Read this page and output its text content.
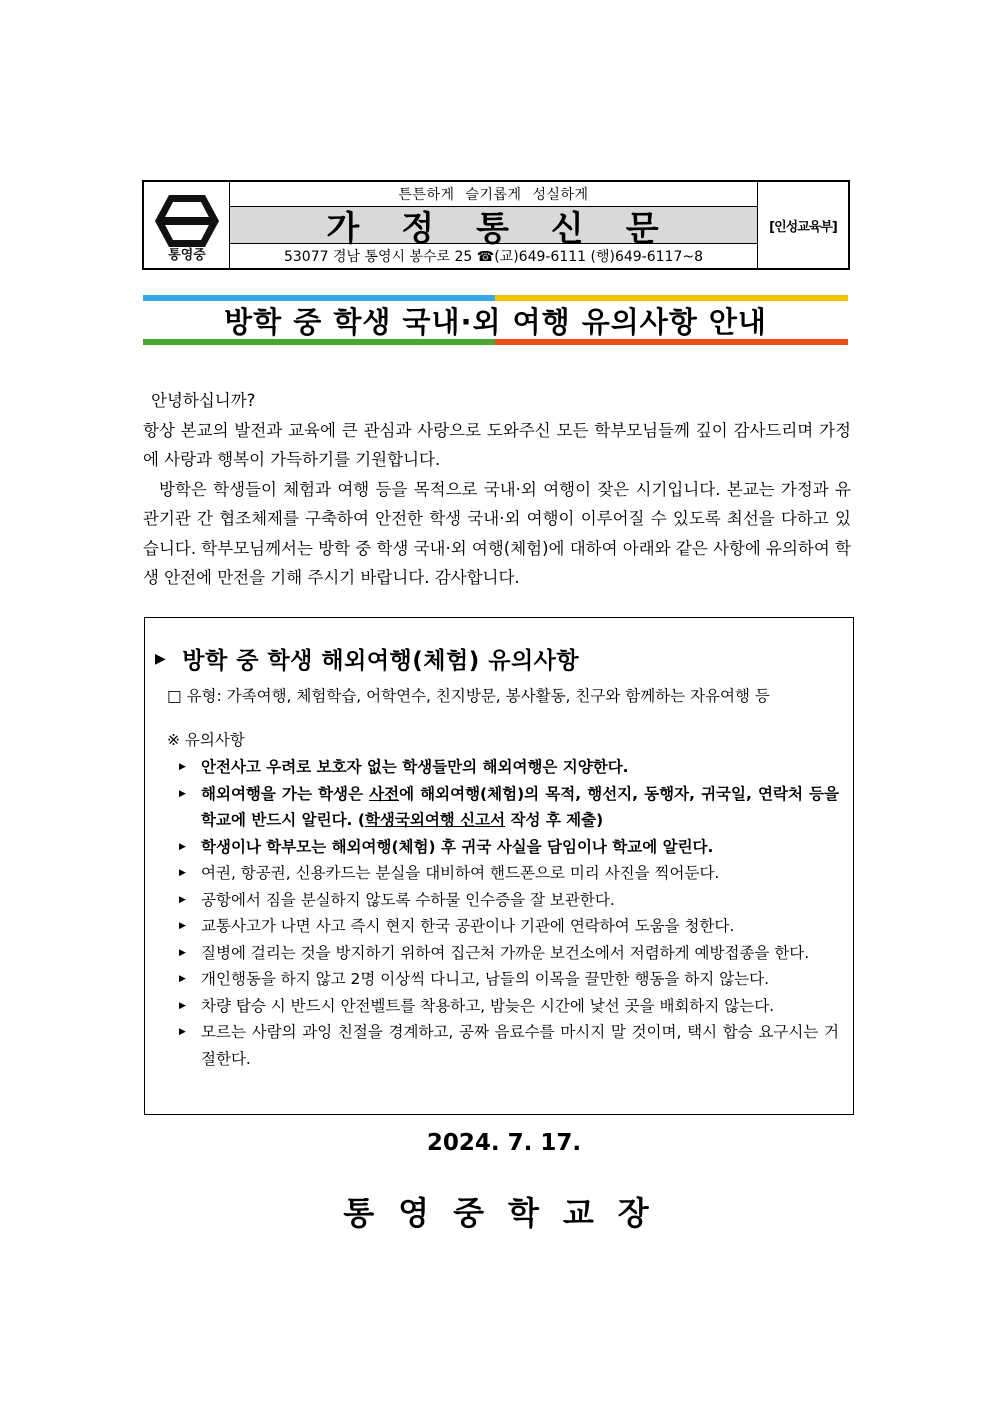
통영중
튼튼하게 슬기롭게 성실하게
가정통신문
53077 경남 통영시 봉수로 25 ☎(교)649-6111 (행)649-6117~8
[인성교육부]
방학 중 학생 국내·외 여행 유의사항 안내

안녕하십니까?

항상 본교의 발전과 교육에 큰 관심과 사랑으로 도와주신 모든 학부모님들께 깊이 감사드리며 가정에 사랑과 행복이 가득하기를 기원합니다.

방학은 학생들이 체험과 여행 등을 목적으로 국내·외 여행이 잦은 시기입니다. 본교는 가정과 유관기관 간 협조체제를 구축하여 안전한 학생 국내·외 여행이 이루어질 수 있도록 최선을 다하고 있습니다. 학부모님께서는 방학 중 학생 국내·외 여행(체험)에 대하여 아래와 같은 사항에 유의하여 학생 안전에 만전을 기해 주시기 바랍니다. 감사합니다.

▶ 방학 중 학생 해외여행(체험) 유의사항
□ 유형: 가족여행, 체험학습, 어학연수, 친지방문, 봉사활동, 친구와 함께하는 자유여행 등
※ 유의사항
▶ 안전사고 우려로 보호자 없는 학생들만의 해외여행은 지양한다.
▶ 해외여행을 가는 학생은 사전에 해외여행(체험)의 목적, 행선지, 동행자, 귀국일, 연락처 등을 학교에 반드시 알린다. (학생국외여행 신고서 작성 후 제출)
▶ 학생이나 학부모는 해외여행(체험) 후 귀국 사실을 담임이나 학교에 알린다.
▶ 여권, 항공권, 신용카드는 분실을 대비하여 핸드폰으로 미리 사진을 찍어둔다.
▶ 공항에서 짐을 분실하지 않도록 수하물 인수증을 잘 보관한다.
▶ 교통사고가 나면 사고 즉시 현지 한국 공관이나 기관에 연락하여 도움을 청한다.
▶ 질병에 걸리는 것을 방지하기 위하여 집근처 가까운 보건소에서 저렴하게 예방접종을 한다.
▶ 개인행동을 하지 않고 2명 이상씩 다니고, 남들의 이목을 끌만한 행동을 하지 않는다.
▶ 차량 탑승 시 반드시 안전벨트를 착용하고, 밤늦은 시간에 낯선 곳을 배회하지 않는다.
▶ 모르는 사람의 과잉 친절을 경계하고, 공짜 음료수를 마시지 말 것이며, 택시 합승 요구시는 거절한다.
2024. 7. 17.
통영중학교장
